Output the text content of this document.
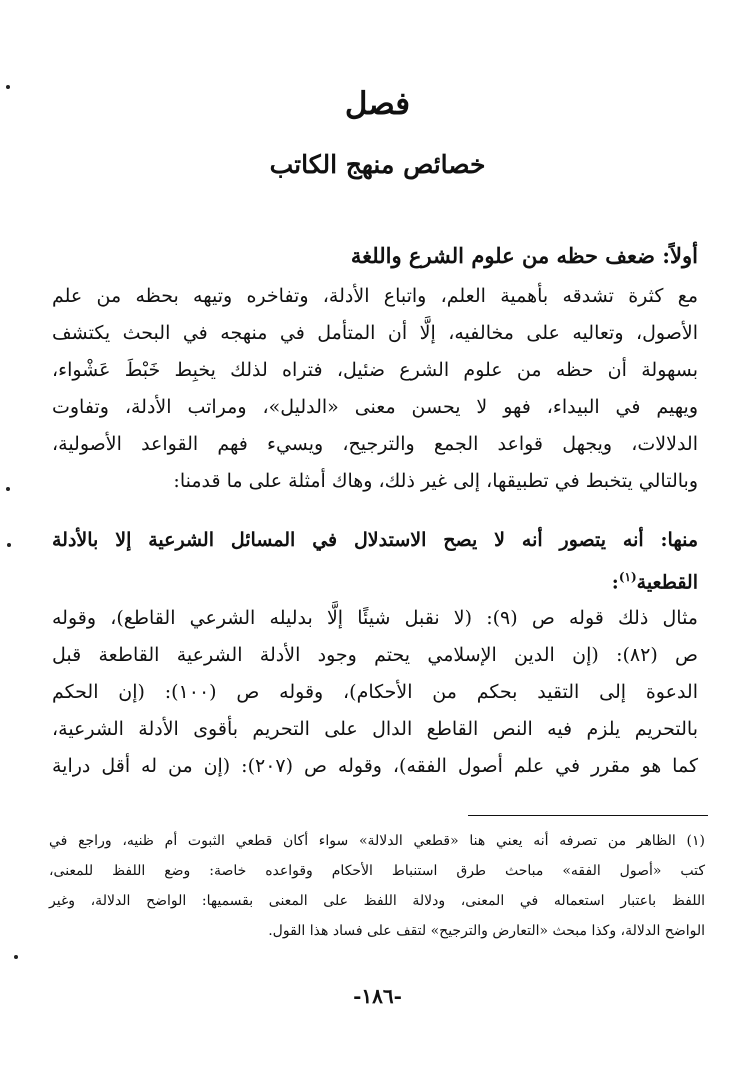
فصل
خصائص منهج الكاتب
أولاً: ضعف حظه من علوم الشرع واللغة
مع كثرة تشدقه بأهمية العلم، واتباع الأدلة، وتفاخره وتيهه بحظه من علم
الأصول، وتعاليه على مخالفيه، إلَّا أن المتأمل في منهجه في البحث يكتشف
بسهولة أن حظه من علوم الشرع ضئيل، فتراه لذلك يخبِط خَبْطَ عَشْواء،
ويهيم في البيداء، فهو لا يحسن معنى «الدليل»، ومراتب الأدلة، وتفاوت
الدلالات، ويجهل قواعد الجمع والترجيح، ويسيء فهم القواعد الأصولية،
وبالتالي يتخبط في تطبيقها، إلى غير ذلك، وهاك أمثلة على ما قدمنا:
منها: أنه يتصور أنه لا يصح الاستدلال في المسائل الشرعية إلا بالأدلة
القطعية$^{(١)}$:
مثال ذلك قوله ص (٩): (لا نقبل شيئًا إلَّا بدليله الشرعي القاطع)، وقوله
ص (٨٢): (إن الدين الإسلامي يحتم وجود الأدلة الشرعية القاطعة قبل
الدعوة إلى التقيد بحكم من الأحكام)، وقوله ص (١٠٠): (إن الحكم
بالتحريم يلزم فيه النص القاطع الدال على التحريم بأقوى الأدلة الشرعية،
كما هو مقرر في علم أصول الفقه)، وقوله ص (٢٠٧): (إن من له أقل دراية
(١) الظاهر من تصرفه أنه يعني هنا «قطعي الدلالة» سواء أكان قطعي الثبوت أم ظنيه، وراجع في
كتب «أصول الفقه» مباحث طرق استنباط الأحكام وقواعده خاصة: وضع اللفظ للمعنى،
اللفظ باعتبار استعماله في المعنى، ودلالة اللفظ على المعنى بقسميها: الواضح الدلالة، وغير
الواضح الدلالة، وكذا مبحث «التعارض والترجيح» لتقف على فساد هذا القول.
-١٨٦-
